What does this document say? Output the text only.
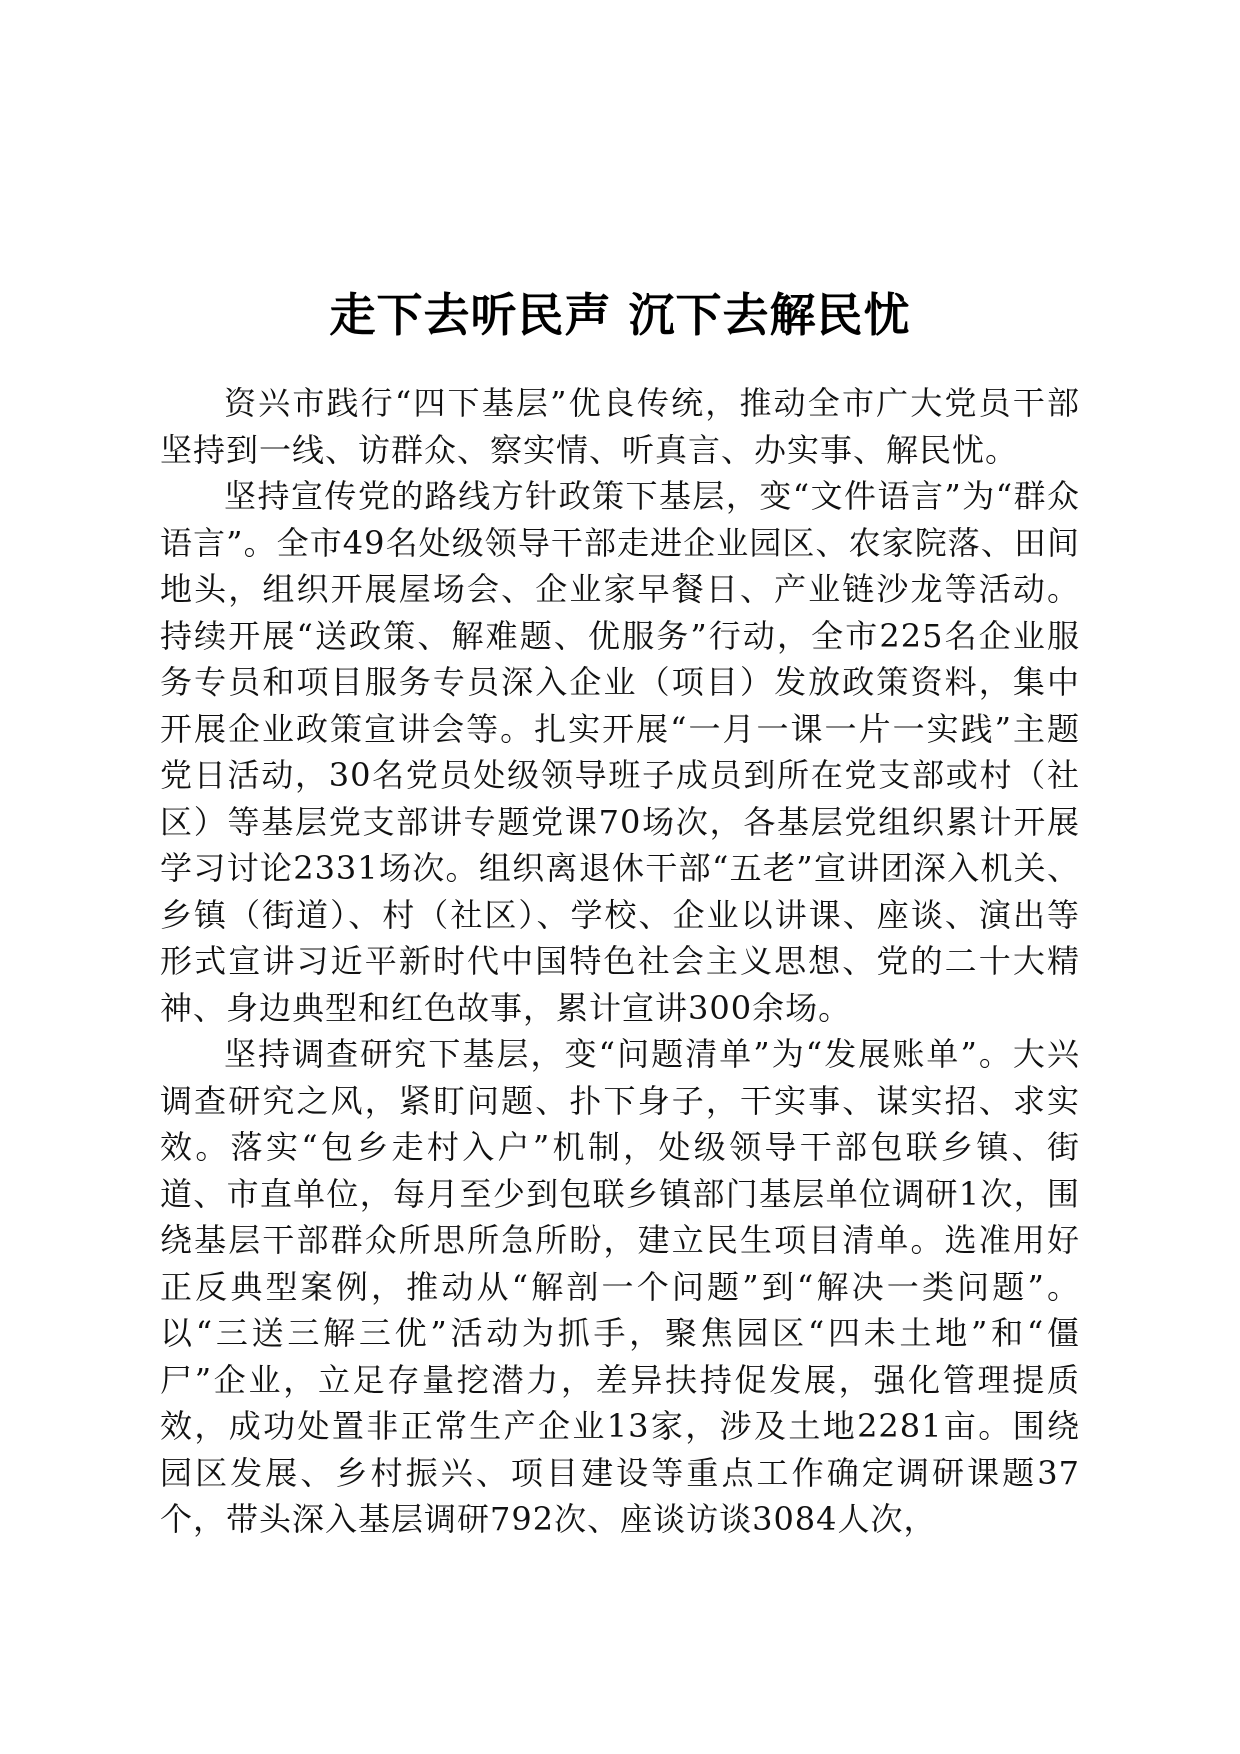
走下去听民声 沉下去解民忧

资兴市践行“四下基层”优良传统，推动全市广大党员干部坚持到一线、访群众、察实情、听真言、办实事、解民忧。

坚持宣传党的路线方针政策下基层，变“文件语言”为“群众语言”。全市49名处级领导干部走进企业园区、农家院落、田间地头，组织开展屋场会、企业家早餐日、产业链沙龙等活动。持续开展“送政策、解难题、优服务”行动，全市225名企业服务专员和项目服务专员深入企业（项目）发放政策资料，集中开展企业政策宣讲会等。扎实开展“一月一课一片一实践”主题党日活动，30名党员处级领导班子成员到所在党支部或村（社区）等基层党支部讲专题党课70场次，各基层党组织累计开展学习讨论2331场次。组织离退休干部“五老”宣讲团深入机关、乡镇（街道）、村（社区）、学校、企业以讲课、座谈、演出等形式宣讲习近平新时代中国特色社会主义思想、党的二十大精神、身边典型和红色故事，累计宣讲300余场。

坚持调查研究下基层，变“问题清单”为“发展账单”。大兴调查研究之风，紧盯问题、扑下身子，干实事、谋实招、求实效。落实“包乡走村入户”机制，处级领导干部包联乡镇、街道、市直单位，每月至少到包联乡镇部门基层单位调研1次，围绕基层干部群众所思所急所盼，建立民生项目清单。选准用好正反典型案例，推动从“解剖一个问题”到“解决一类问题”。以“三送三解三优”活动为抓手，聚焦园区“四未土地”和“僵尸”企业，立足存量挖潜力，差异扶持促发展，强化管理提质效，成功处置非正常生产企业13家，涉及土地2281亩。围绕园区发展、乡村振兴、项目建设等重点工作确定调研课题37个，带头深入基层调研792次、座谈访谈3084人次，
